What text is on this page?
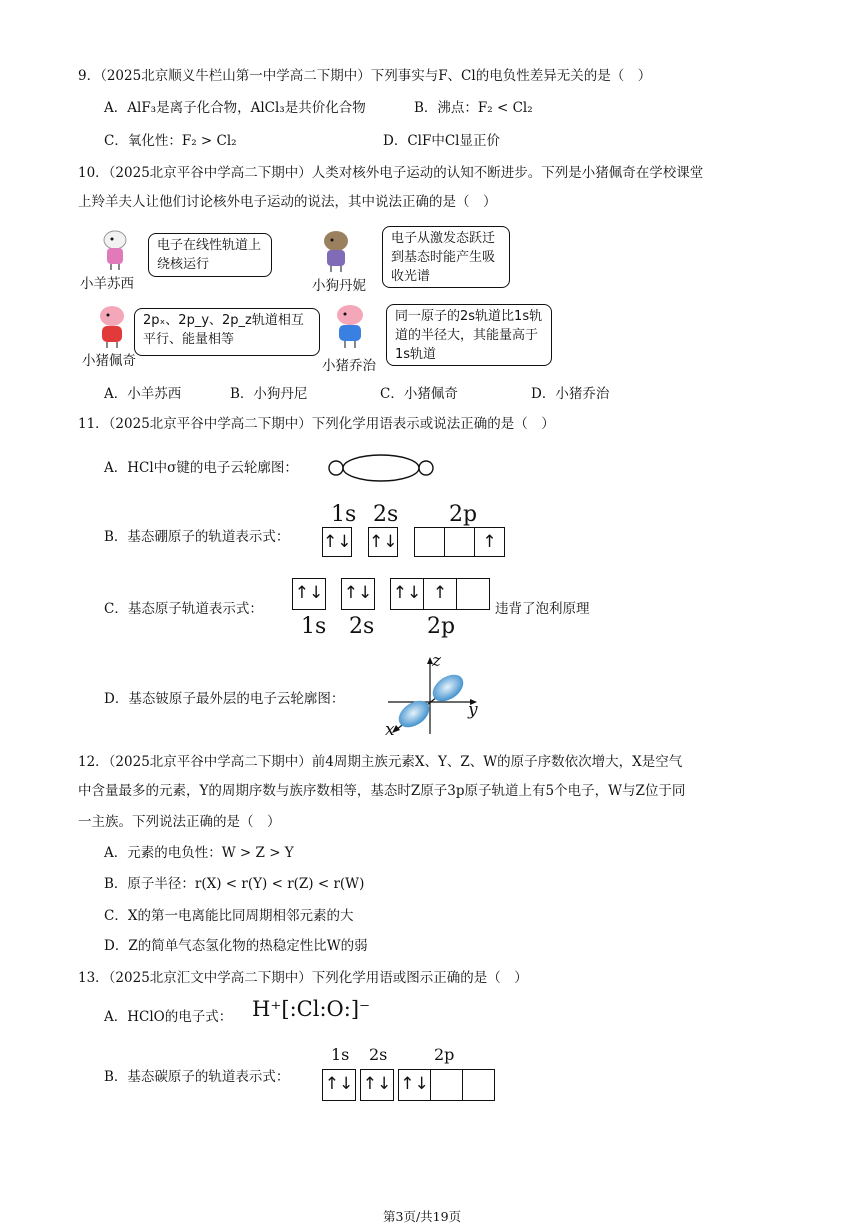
9．（2025北京顺义牛栏山第一中学高二下期中）下列事实与F、Cl的电负性差异无关的是（　）
A．AlF₃是离子化合物，AlCl₃是共价化合物	B．沸点：F₂ < Cl₂
C．氧化性：F₂ > Cl₂	D．ClF中Cl显正价
10．（2025北京平谷中学高二下期中）人类对核外电子运动的认知不断进步。下列是小猪佩奇在学校课堂
上羚羊夫人让他们讨论核外电子运动的说法，其中说法正确的是（　）
电子在线性轨道上绕核运行
小羊苏西
电子从激发态跃迁到基态时能产生吸收光谱
小狗丹妮
2pₓ、2p_y、2p_z轨道相互平行、能量相等
小猪佩奇
同一原子的2s轨道比1s轨道的半径大，其能量高于1s轨道
小猪乔治
A．小羊苏西	B．小狗丹尼	C．小猪佩奇	D．小猪乔治
11．（2025北京平谷中学高二下期中）下列化学用语表示或说法正确的是（　）
A．HCl中σ键的电子云轮廓图：
B．基态硼原子的轨道表示式：
1s 2s 2p
↑↓ ↑↓	↑
C．基态原子轨道表示式：
↑↓ ↑↓ ↑↓ ↑
1s 2s 2p
违背了泡利原理
D．基态铍原子最外层的电子云轮廓图：
z
y
x
12．（2025北京平谷中学高二下期中）前4周期主族元素X、Y、Z、W的原子序数依次增大，X是空气
中含量最多的元素，Y的周期序数与族序数相等，基态时Z原子3p原子轨道上有5个电子，W与Z位于同
一主族。下列说法正确的是（　）
A．元素的电负性：W > Z > Y
B．原子半径：r(X) < r(Y) < r(Z) < r(W)
C．X的第一电离能比同周期相邻元素的大
D．Z的简单气态氢化物的热稳定性比W的弱
13．（2025北京汇文中学高二下期中）下列化学用语或图示正确的是（　）
A．HClO的电子式： H⁺[:Cl:O:]⁻
B．基态碳原子的轨道表示式：
1s 2s	2p
↑↓ ↑↓ ↑↓
第3页/共19页
